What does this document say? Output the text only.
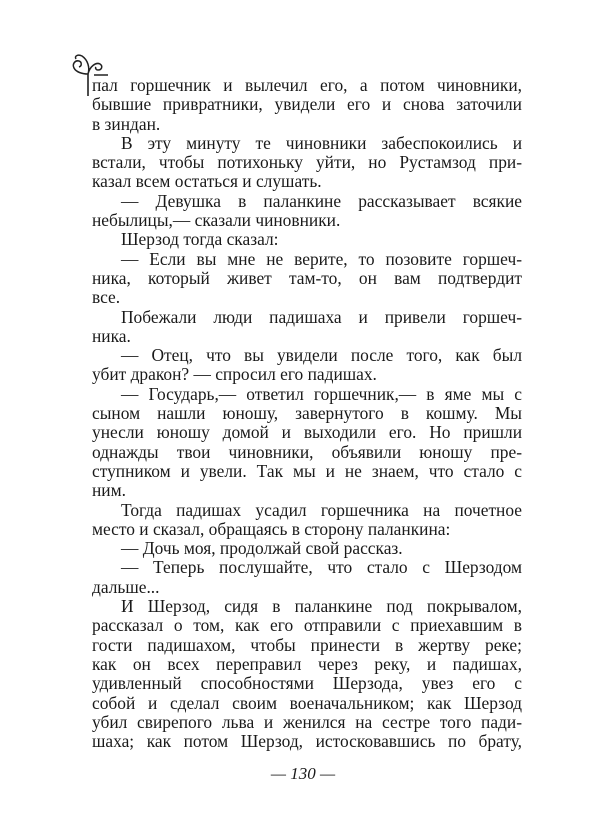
пал горшечник и вылечил его, а потом чиновники,
бывшие привратники, увидели его и снова заточили
в зиндан.
В эту минуту те чиновники забеспокоились и
встали, чтобы потихоньку уйти, но Рустамзод при-
казал всем остаться и слушать.
— Девушка в паланкине рассказывает всякие
небылицы,— сказали чиновники.
Шерзод тогда сказал:
— Если вы мне не верите, то позовите горшеч-
ника, который живет там-то, он вам подтвердит
все.
Побежали люди падишаха и привели горшеч-
ника.
— Отец, что вы увидели после того, как был
убит дракон? — спросил его падишах.
— Государь,— ответил горшечник,— в яме мы с
сыном нашли юношу, завернутого в кошму. Мы
унесли юношу домой и выходили его. Но пришли
однажды твои чиновники, объявили юношу пре-
ступником и увели. Так мы и не знаем, что стало с
ним.
Тогда падишах усадил горшечника на почетное
место и сказал, обращаясь в сторону паланкина:
— Дочь моя, продолжай свой рассказ.
— Теперь послушайте, что стало с Шерзодом
дальше...
И Шерзод, сидя в паланкине под покрывалом,
рассказал о том, как его отправили с приехавшим в
гости падишахом, чтобы принести в жертву реке;
как он всех переправил через реку, и падишах,
удивленный способностями Шерзода, увез его с
собой и сделал своим военачальником; как Шерзод
убил свирепого льва и женился на сестре того пади-
шаха; как потом Шерзод, истосковавшись по брату,
— 130 —
